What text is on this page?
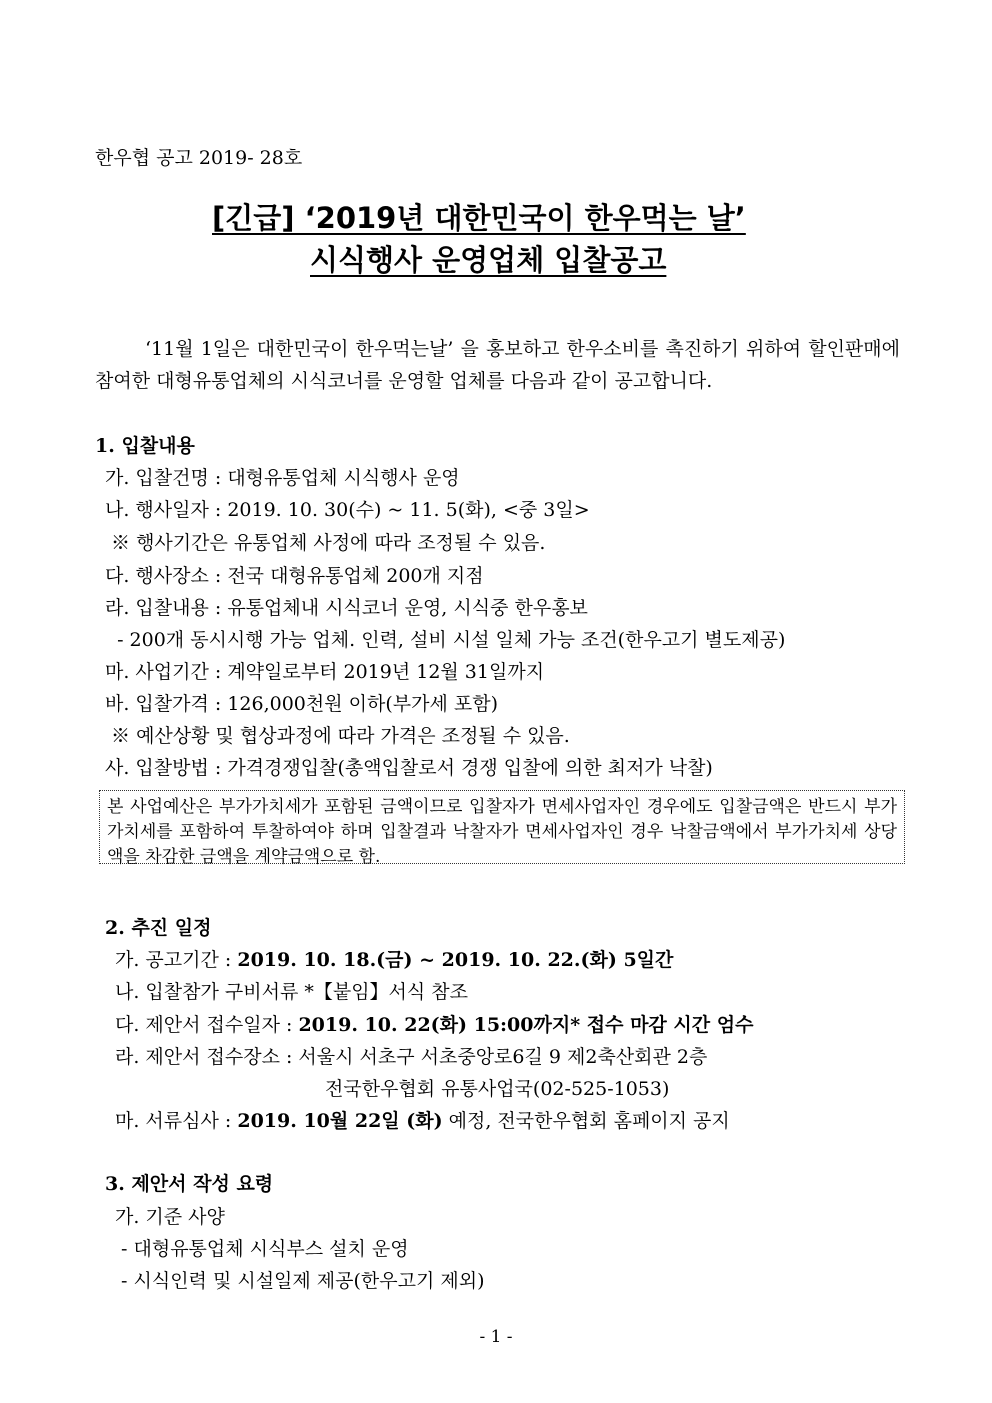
한우협 공고 2019- 28호
[긴급] ‘2019년 대한민국이 한우먹는 날’
시식행사 운영업체 입찰공고
‘11월 1일은 대한민국이 한우먹는날’ 을 홍보하고 한우소비를 촉진하기 위하여 할인판매에 참여한 대형유통업체의 시식코너를 운영할 업체를 다음과 같이 공고합니다.
1. 입찰내용
가. 입찰건명 : 대형유통업체 시식행사 운영
나. 행사일자 : 2019. 10. 30(수) ~ 11. 5(화), <중 3일>
※ 행사기간은 유통업체 사정에 따라 조정될 수 있음.
다. 행사장소 : 전국 대형유통업체 200개 지점
라. 입찰내용 : 유통업체내 시식코너 운영, 시식중 한우홍보
- 200개 동시시행 가능 업체. 인력, 설비 시설 일체 가능 조건(한우고기 별도제공)
마. 사업기간 : 계약일로부터 2019년 12월 31일까지
바. 입찰가격 : 126,000천원 이하(부가세 포함)
※ 예산상황 및 협상과정에 따라 가격은 조정될 수 있음.
사. 입찰방법 : 가격경쟁입찰(총액입찰로서 경쟁 입찰에 의한 최저가 낙찰)
본 사업예산은 부가가치세가 포함된 금액이므로 입찰자가 면세사업자인 경우에도 입찰금액은 반드시 부가가치세를 포함하여 투찰하여야 하며 입찰결과 낙찰자가 면세사업자인 경우 낙찰금액에서 부가가치세 상당액을 차감한 금액을 계약금액으로 함.
2. 추진 일정
가. 공고기간 : 2019. 10. 18.(금) ~ 2019. 10. 22.(화) 5일간
나. 입찰참가 구비서류 *【붙임】서식 참조
다. 제안서 접수일자 : 2019. 10. 22(화) 15:00까지* 접수 마감 시간 엄수
라. 제안서 접수장소 : 서울시 서초구 서초중앙로6길 9 제2축산회관 2층
전국한우협회 유통사업국(02-525-1053)
마. 서류심사 : 2019. 10월 22일 (화) 예정, 전국한우협회 홈페이지 공지
3. 제안서 작성 요령
가. 기준 사양
- 대형유통업체 시식부스 설치 운영
- 시식인력 및 시설일제 제공(한우고기 제외)
- 1 -
